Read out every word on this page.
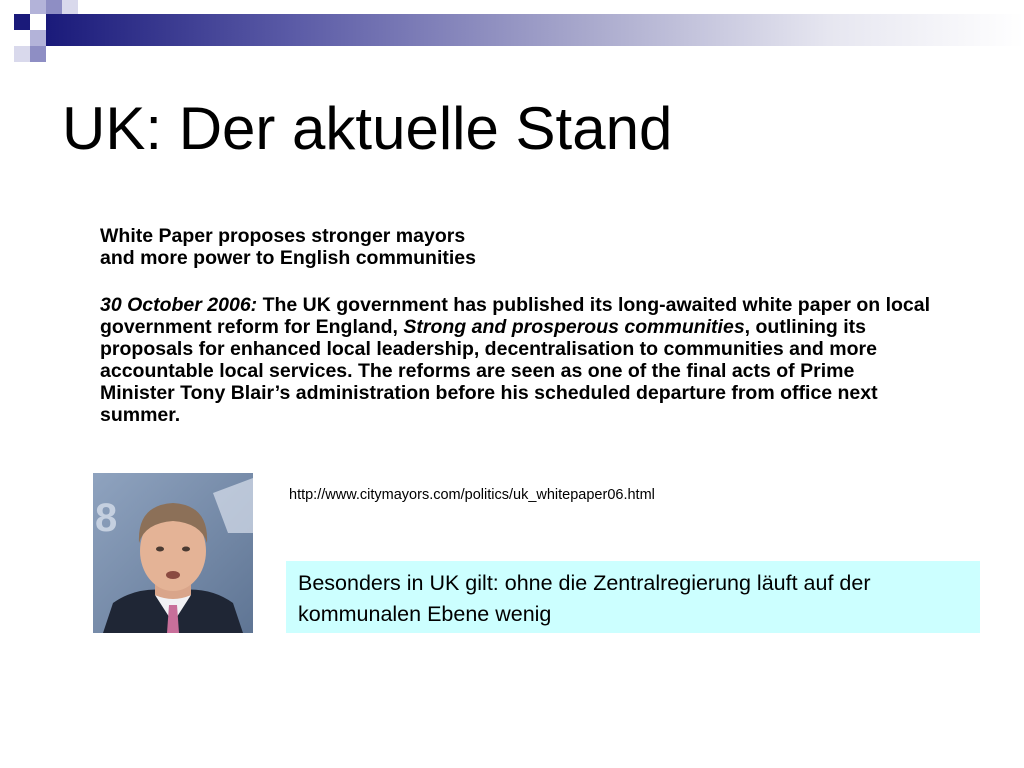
UK: Der aktuelle Stand
White Paper proposes stronger mayors
and more power to English communities
30 October 2006: The UK government has published its long-awaited white paper on local government reform for England, Strong and prosperous communities, outlining its proposals for enhanced local leadership, decentralisation to communities and more accountable local services. The reforms are seen as one of the final acts of Prime Minister Tony Blair’s administration before his scheduled departure from office next summer.
8
http://www.citymayors.com/politics/uk_whitepaper06.html
Besonders in UK gilt: ohne die Zentralregierung läuft auf der kommunalen Ebene wenig
